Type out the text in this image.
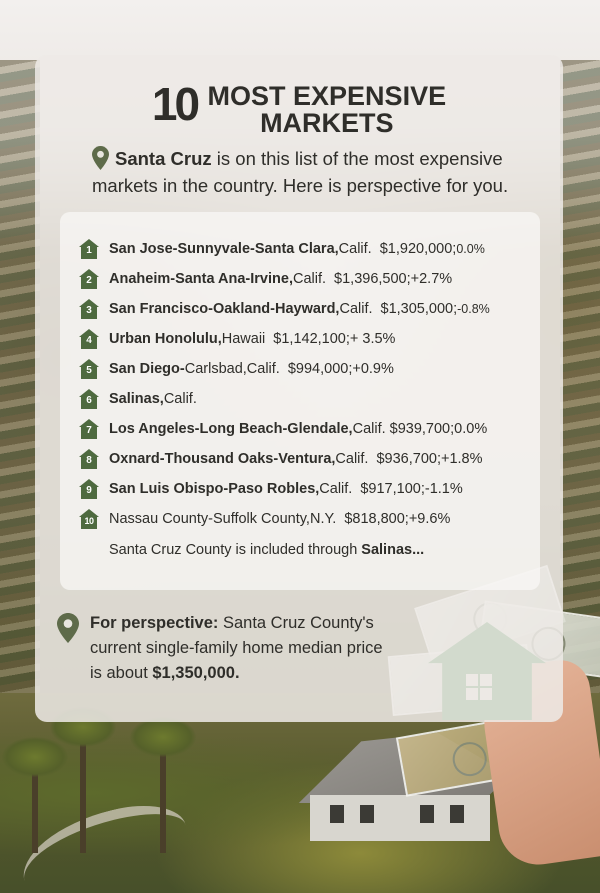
10 MOST EXPENSIVE
MARKETS

Santa Cruz is on this list of the most expensive markets in the country. Here is perspective for you.

1	San Jose-Sunnyvale-Santa Clara, Calif. $1,920,000; 0.0%
2	Anaheim-Santa Ana-Irvine, Calif. $1,396,500; +2.7%
3	San Francisco-Oakland-Hayward, Calif. $1,305,000; -0.8%
4	Urban Honolulu, Hawaii $1,142,100; + 3.5%
5	San Diego- Carlsbad, Calif. $994,000; +0.9%
6	Salinas, Calif.
7	Los Angeles-Long Beach-Glendale, Calif. $939,700; 0.0%
8	Oxnard-Thousand Oaks-Ventura, Calif. $936,700; +1.8%
9	San Luis Obispo-Paso Robles, Calif. $917,100; -1.1%
10	Nassau County-Suffolk County, N.Y. $818,800; +9.6%

Santa Cruz County is included through Salinas...

For perspective: Santa Cruz County's current single-family home median price is about $1,350,000.
